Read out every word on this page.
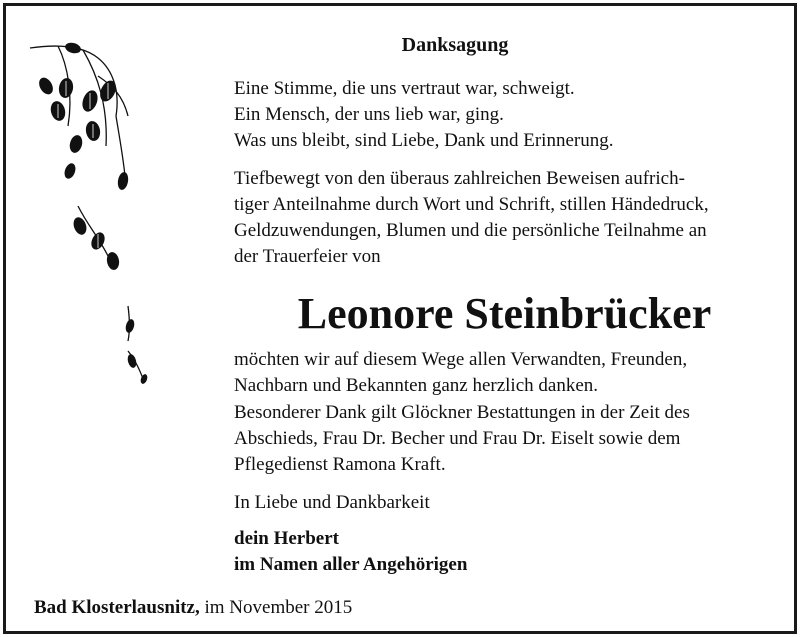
Danksagung
Eine Stimme, die uns vertraut war, schweigt.
Ein Mensch, der uns lieb war, ging.
Was uns bleibt, sind Liebe, Dank und Erinnerung.
Tiefbewegt von den überaus zahlreichen Beweisen aufrich-
tiger Anteilnahme durch Wort und Schrift, stillen Händedruck,
Geldzuwendungen, Blumen und die persönliche Teilnahme an
der Trauerfeier von
Leonore Steinbrücker
möchten wir auf diesem Wege allen Verwandten, Freunden,
Nachbarn und Bekannten ganz herzlich danken.
Besonderer Dank gilt Glöckner Bestattungen in der Zeit des
Abschieds, Frau Dr. Becher und Frau Dr. Eiselt sowie dem
Pflegedienst Ramona Kraft.
In Liebe und Dankbarkeit
dein Herbert
im Namen aller Angehörigen
Bad Klosterlausnitz, im November 2015
